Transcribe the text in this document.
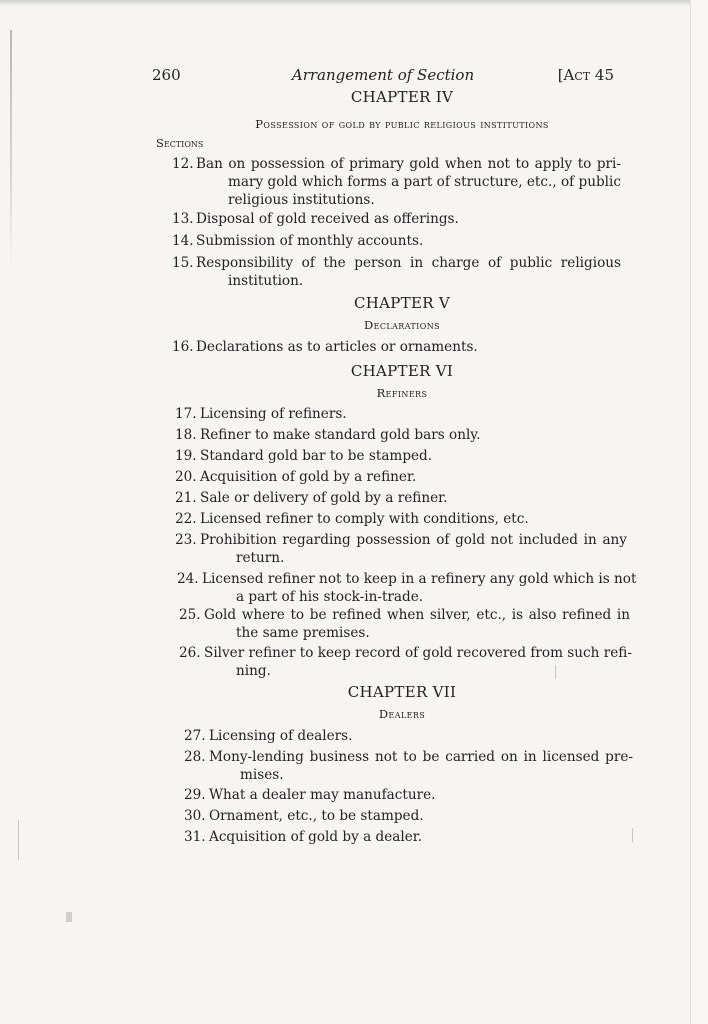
260	Arrangement of Section	[Act 45
CHAPTER IV
Possession of gold by public religious institutions
Sections
12. Ban on possession of primary gold when not to apply to pri-
mary gold which forms a part of structure, etc., of public
religious institutions.
13. Disposal of gold received as offerings.
14. Submission of monthly accounts.
15. Responsibility of the person in charge of public religious
institution.
16. Declarations as to articles or ornaments.
17. Licensing of refiners.
18. Refiner to make standard gold bars only.
19. Standard gold bar to be stamped.
20. Acquisition of gold by a refiner.
21. Sale or delivery of gold by a refiner.
22. Licensed refiner to comply with conditions, etc.
23. Prohibition regarding possession of gold not included in any
return.
24. Licensed refiner not to keep in a refinery any gold which is not
a part of his stock-in-trade.
25. Gold where to be refined when silver, etc., is also refined in
the same premises.
26. Silver refiner to keep record of gold recovered from such refi-
ning.
27. Licensing of dealers.
28. Mony-lending business not to be carried on in licensed pre-
mises.
29. What a dealer may manufacture.
30. Ornament, etc., to be stamped.
31. Acquisition of gold by a dealer.
CHAPTER V
Declarations
CHAPTER VI
Refiners
CHAPTER VII
Dealers
